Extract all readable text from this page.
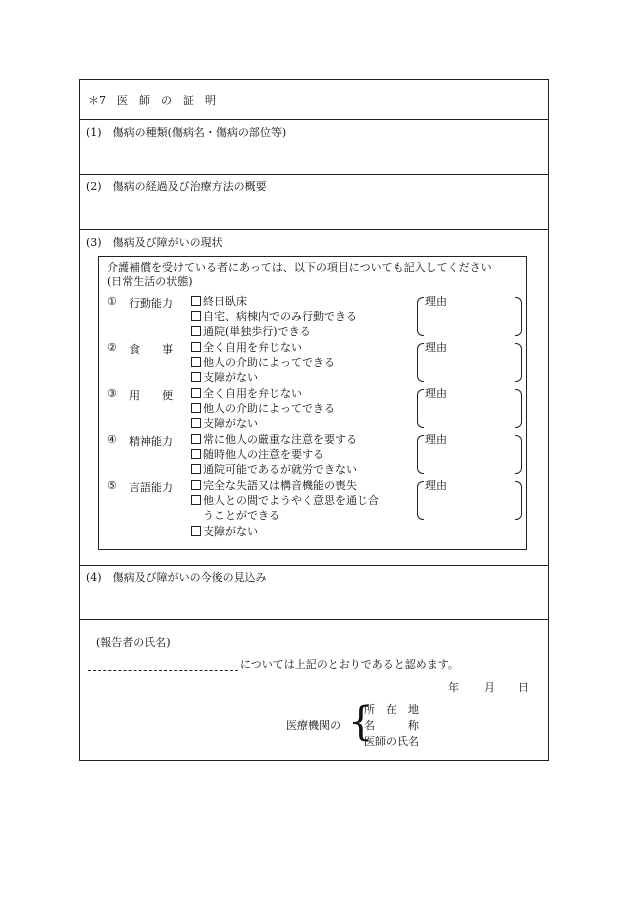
＊7　医　師　の　証　明
(1)　傷病の種類(傷病名・傷病の部位等)
(2)　傷病の経過及び治療方法の概要
(3)　傷病及び障がいの現状
介護補償を受けている者にあっては、以下の項目についても記入してください
(日常生活の状態)
① 行動能力	終日臥床
自宅、病棟内でのみ行動できる
通院(単独歩行)できる
理由
② 食　　事	全く自用を弁じない
他人の介助によってできる
支障がない
理由
③ 用　　便	全く自用を弁じない
他人の介助によってできる
支障がない
理由
④ 精神能力	常に他人の厳重な注意を要する
随時他人の注意を要する
通院可能であるが就労できない
理由
⑤ 言語能力	完全な失語又は構音機能の喪失
他人との間でようやく意思を通じ合
うことができる
支障がない
理由
(4)　傷病及び障がいの今後の見込み
(報告者の氏名)
については上記のとおりであると認めます。
年 月 日
医療機関の {
所　在　地
名　　　称
医師の氏名
